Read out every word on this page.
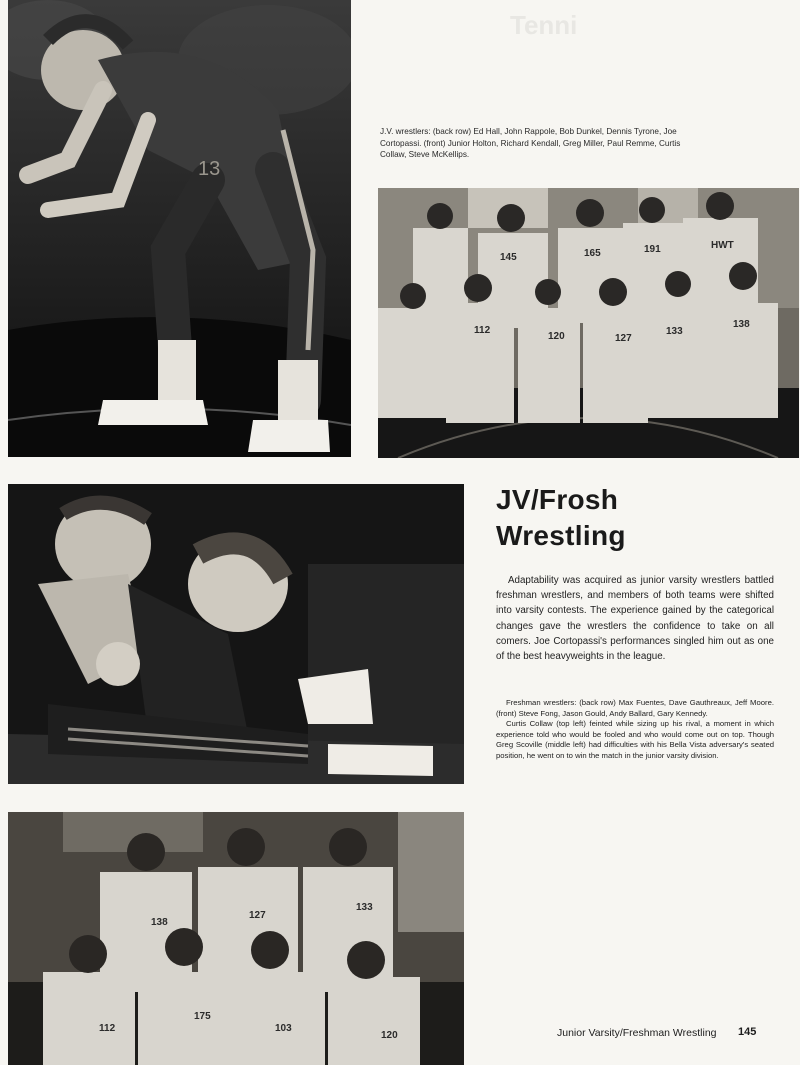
Tenni
13
J.V. wrestlers: (back row) Ed Hall, John Rappole, Bob Dunkel, Dennis Tyrone, Joe Cortopassi. (front) Junior Holton, Richard Kendall, Greg Miller, Paul Remme, Curtis Collaw, Steve McKellips.
145	165	191	HWT
112
120	127
133
138
JV/Frosh
Wrestling

Adaptability was acquired as junior varsity wrestlers battled freshman wrestlers, and members of both teams were shifted into varsity contests. The experience gained by the categorical changes gave the wrestlers the confidence to take on all comers. Joe Cortopassi's performances singled him out as one of the best heavyweights in the league.

Freshman wrestlers: (back row) Max Fuentes, Dave Gauthreaux, Jeff Moore. (front) Steve Fong, Jason Gould, Andy Ballard, Gary Kennedy.

Curtis Collaw (top left) feinted while sizing up his rival, a moment in which experience told who would be fooled and who would come out on top. Though Greg Scoville (middle left) had difficulties with his Bella Vista adversary's seated position, he went on to win the match in the junior varsity division.

138
127
133
112
175
103
120	Junior Varsity/Freshman Wrestling 145
